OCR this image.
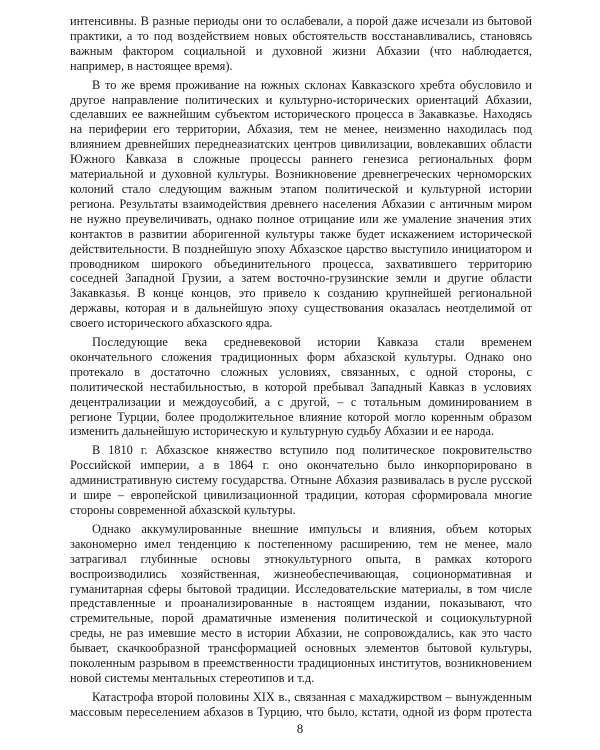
интенсивны. В разные периоды они то ослабевали, а порой даже исчезали из бытовой практики, а то под воздействием новых обстоятельств восстанавливались, становясь важным фактором социальной и духовной жизни Абхазии (что наблюдается, например, в настоящее время).

В то же время проживание на южных склонах Кавказского хребта обусловило и другое направление политических и культурно-исторических ориентаций Абхазии, сделавших ее важнейшим субъектом исторического процесса в Закавказье. Находясь на периферии его территории, Абхазия, тем не менее, неизменно находилась под влиянием древнейших переднеазиатских центров цивилизации, вовлекавших области Южного Кавказа в сложные процессы раннего генезиса региональных форм материальной и духовной культуры. Возникновение древнегреческих черноморских колоний стало следующим важным этапом политической и культурной истории региона. Результаты взаимодействия древнего населения Абхазии с античным миром не нужно преувеличивать, однако полное отрицание или же умаление значения этих контактов в развитии аборигенной культуры также будет искажением исторической действительности. В позднейшую эпоху Абхазское царство выступило инициатором и проводником широкого объединительного процесса, захватившего территорию соседней Западной Грузии, а затем восточно-грузинские земли и другие области Закавказья. В конце концов, это привело к созданию крупнейшей региональной державы, которая и в дальнейшую эпоху существования оказалась неотделимой от своего исторического абхазского ядра.

Последующие века средневековой истории Кавказа стали временем окончательного сложения традиционных форм абхазской культуры. Однако оно протекало в достаточно сложных условиях, связанных, с одной стороны, с политической нестабильностью, в которой пребывал Западный Кавказ в условиях децентрализации и междоусобий, а с другой, – с тотальным доминированием в регионе Турции, более продолжительное влияние которой могло коренным образом изменить дальнейшую историческую и культурную судьбу Абхазии и ее народа.

В 1810 г. Абхазское княжество вступило под политическое покровительство Российской империи, а в 1864 г. оно окончательно было инкорпорировано в административную систему государства. Отныне Абхазия развивалась в русле русской и шире – европейской цивилизационной традиции, которая сформировала многие стороны современной абхазской культуры.

Однако аккумулированные внешние импульсы и влияния, объем которых закономерно имел тенденцию к постепенному расширению, тем не менее, мало затрагивал глубинные основы этнокультурного опыта, в рамках которого воспроизводились хозяйственная, жизнеобеспечивающая, соционормативная и гуманитарная сферы бытовой традиции. Исследовательские материалы, в том числе представленные и проанализированные в настоящем издании, показывают, что стремительные, порой драматичные изменения политической и социокультурной среды, не раз имевшие место в истории Абхазии, не сопровождались, как это часто бывает, скачкообразной трансформацией основных элементов бытовой культуры, поколенным разрывом в преемственности традиционных институтов, возникновением новой системы ментальных стереотипов и т.д.

Катастрофа второй половины XIX в., связанная с махаджирством – вынужденным массовым переселением абхазов в Турцию, что было, кстати, одной из форм протеста

8
